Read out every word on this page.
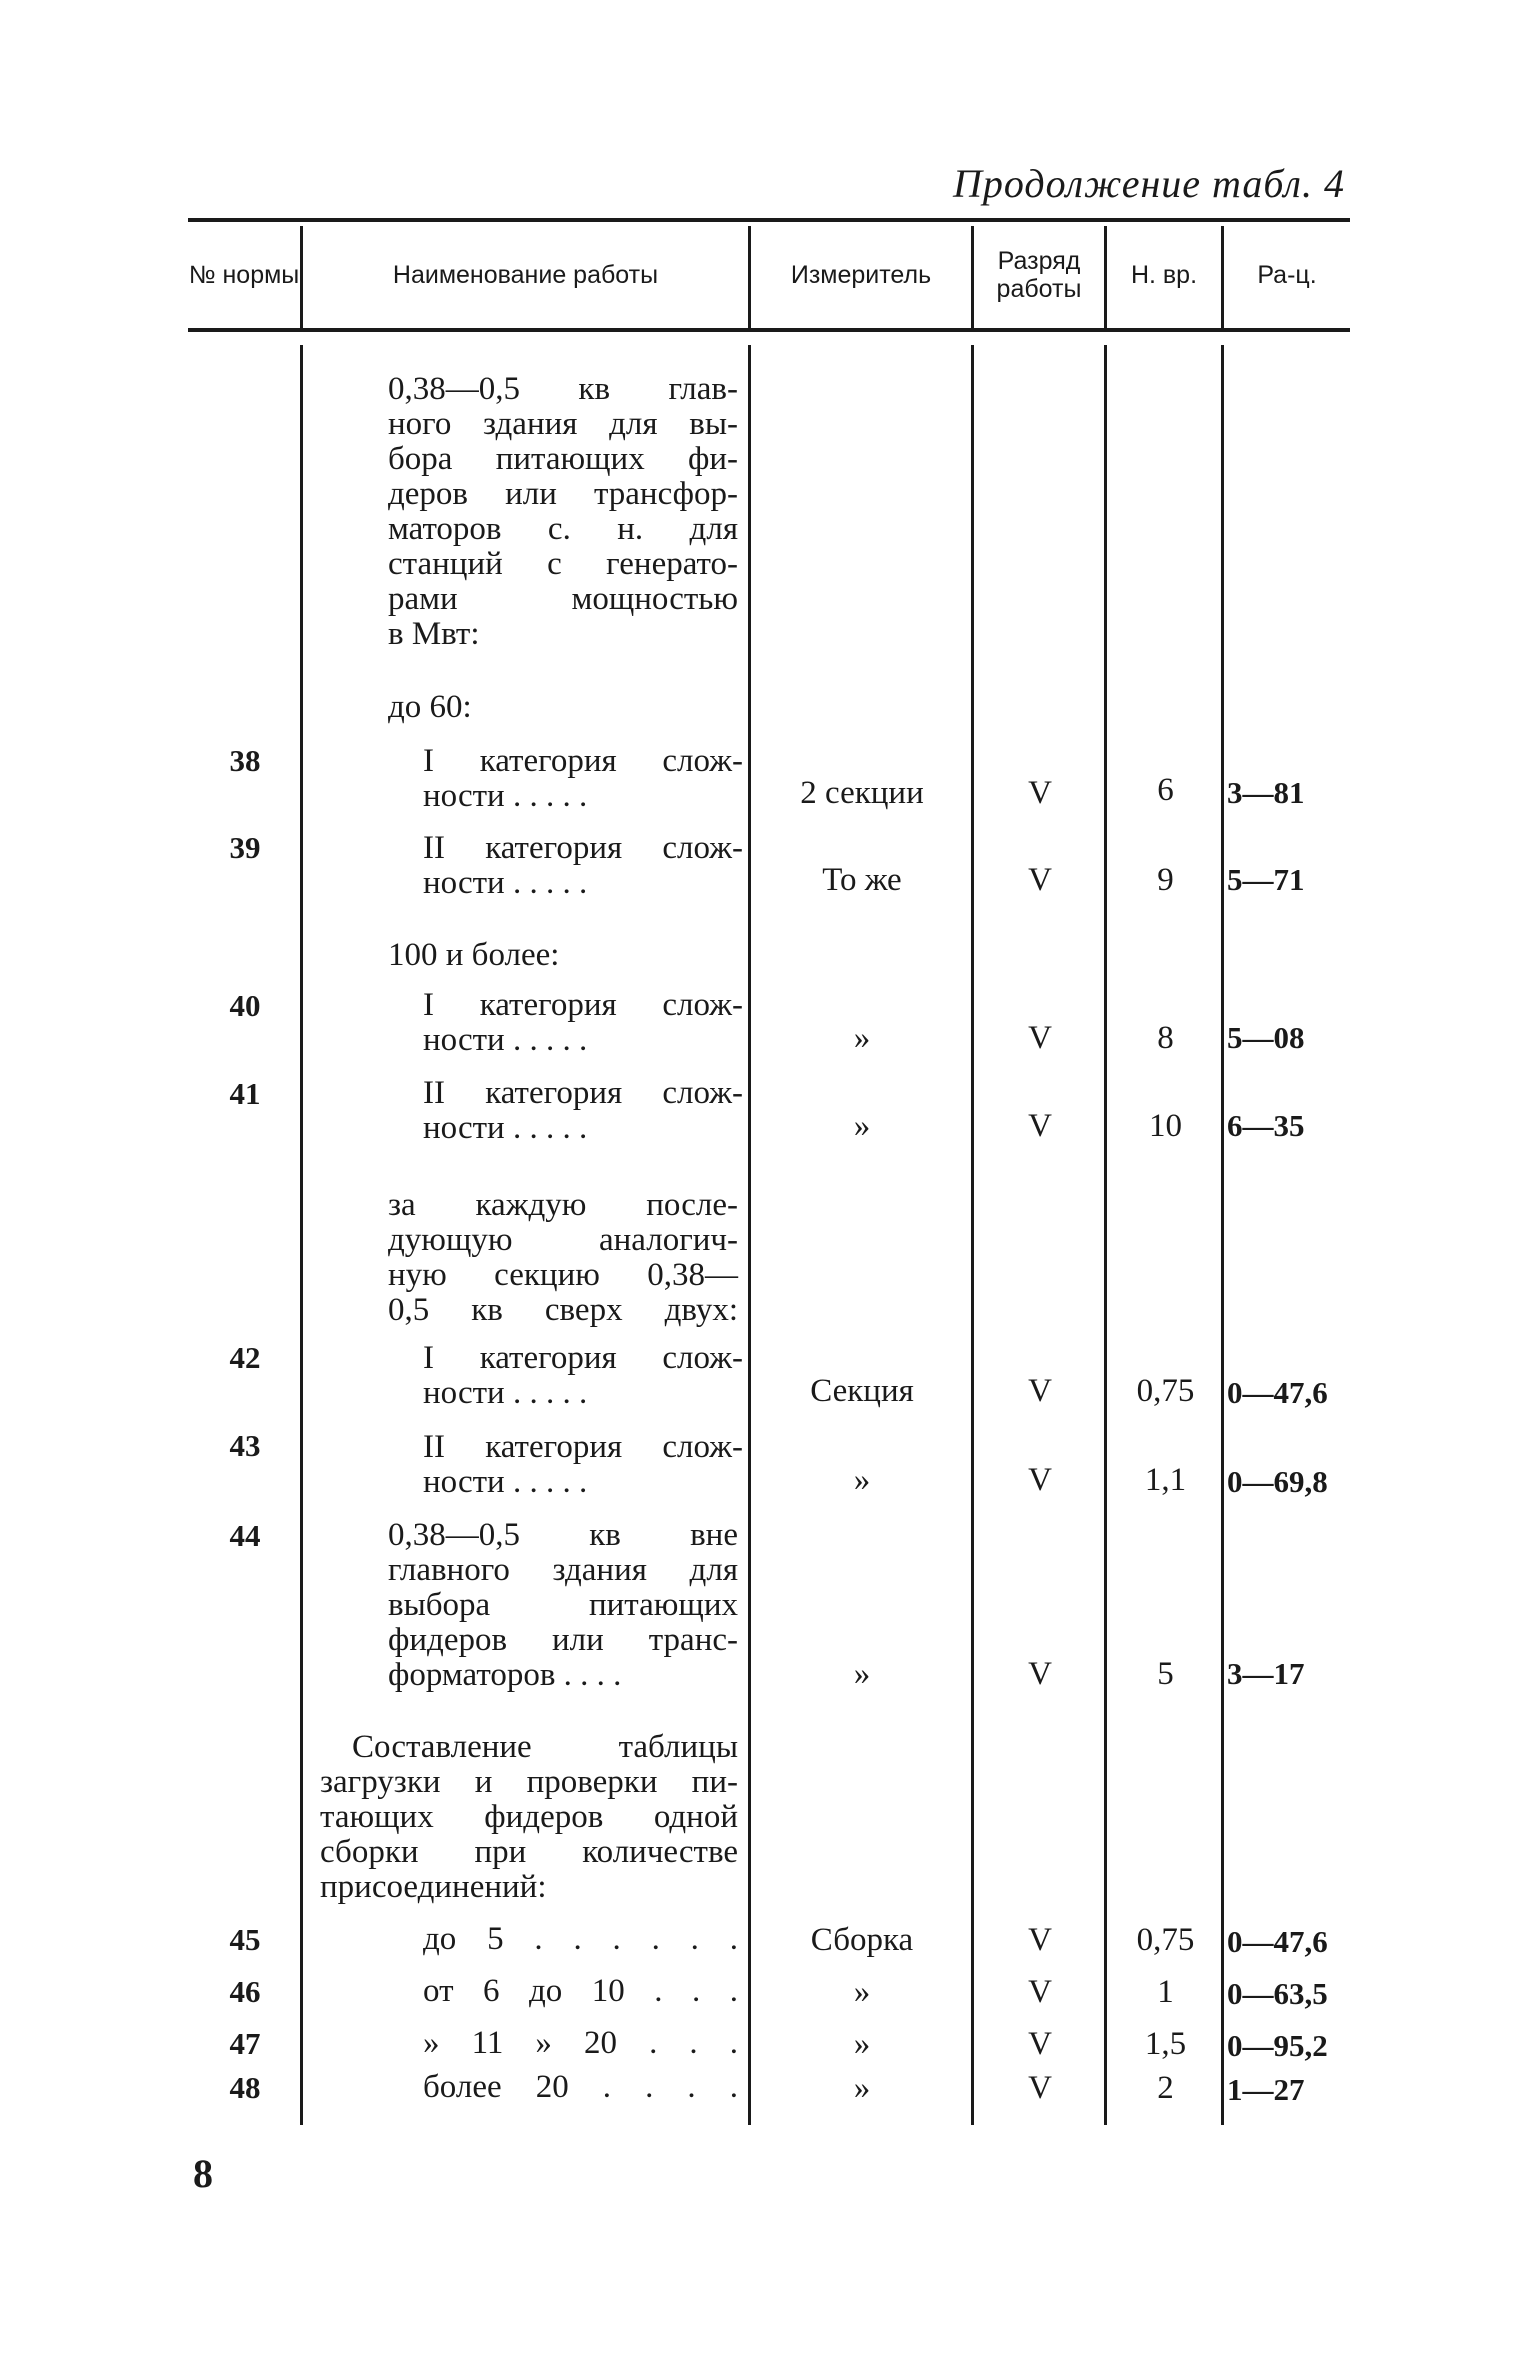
Продолжение табл. 4
№ нормы	Наименование работы	Измеритель	Разряд работы	Н. вр.	Ра-ц.
0,38—0,5 кв глав-
ного здания для вы-
бора питающих фи-
деров или трансфор-
маторов с. н. для
станций с генерато-
рами мощностью
в Мвт:
до 60:
38	I категория слож-
ности . . . . .	2 секции	V	6	3—81
39	II категория слож-
ности . . . . .	То же	V	9	5—71
100 и более:
40	I категория слож-
ности . . . . .	»	V	8	5—08
41	II категория слож-
ности . . . . .	»	V	10	6—35
за каждую после-
дующую аналогич-
ную секцию 0,38—
0,5 кв сверх двух:
42	I категория слож-
ности . . . . .	Секция	V	0,75	0—47,6
43	II категория слож-
ности . . . . .	»	V	1,1	0—69,8
44	0,38—0,5 кв вне
главного здания для
выбора питающих
фидеров или транс-
форматоров . . . .	»	V	5	3—17
Составление таблицы
загрузки и проверки пи-
тающих фидеров одной
сборки при количестве
присоединений:
45	до 5 . . . . . .	Сборка	V	0,75	0—47,6
46	от 6 до 10 . . .	»	V	1	0—63,5
47	» 11 » 20 . . .	»	V	1,5	0—95,2
48	более 20 . . . .	»	V	2	1—27
8
